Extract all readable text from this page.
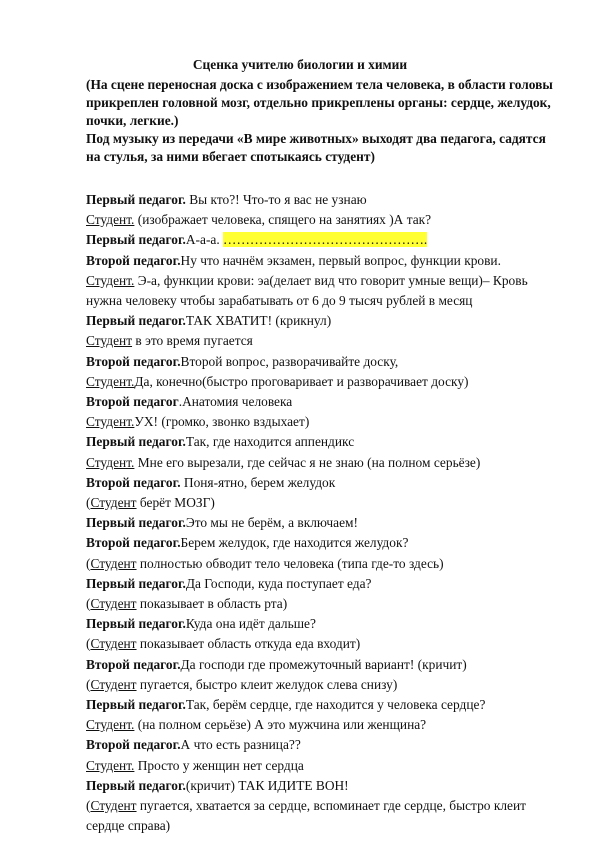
Сценка учителю биологии и химии

(На сцене переносная доска с изображением тела человека, в области головы прикреплен головной мозг, отдельно прикреплены органы: сердце, желудок, почки, легкие.)

Под музыку из передачи «В мире животных» выходят два педагога, садятся на стулья, за ними вбегает спотыкаясь студент)

Первый педагог. Вы кто?! Что-то я вас не узнаю

Студент. (изображает человека, спящего на занятиях )А так?

Первый педагог.А-а-а. ……………………………………….

Второй педагог.Ну что начнём экзамен, первый вопрос, функции крови.

Студент. Э-а, функции крови: эа(делает вид что говорит умные вещи)– Кровь нужна человеку чтобы зарабатывать от 6 до 9 тысяч рублей в месяц

Первый педагог.ТАК ХВАТИТ! (крикнул)

Студент в это время пугается

Второй педагог.Второй вопрос, разворачивайте доску,

Студент.Да, конечно(быстро проговаривает и разворачивает доску)

Второй педагог.Анатомия человека

Студент.УХ! (громко, звонко вздыхает)

Первый педагог.Так, где находится аппендикс

Студент. Мне его вырезали, где сейчас я не знаю (на полном серьёзе)

Второй педагог. Поня-ятно, берем желудок

(Студент берёт МОЗГ)

Первый педагог.Это мы не берём, а включаем!

Второй педагог.Берем желудок, где находится желудок?

(Студент полностью обводит тело человека (типа где-то здесь)

Первый педагог.Да Господи, куда поступает еда?

(Студент показывает в область рта)

Первый педагог.Куда она идёт дальше?

(Студент показывает область откуда еда входит)

Второй педагог.Да господи где промежуточный вариант! (кричит)

(Студент пугается, быстро клеит желудок слева снизу)

Первый педагог.Так, берём сердце, где находится у человека сердце?

Студент. (на полном серьёзе) А это мужчина или женщина?

Второй педагог.А что есть разница??

Студент. Просто у женщин нет сердца

Первый педагог.(кричит) ТАК ИДИТЕ ВОН!

(Студент пугается, хватается за сердце, вспоминает где сердце, быстро клеит сердце справа)
